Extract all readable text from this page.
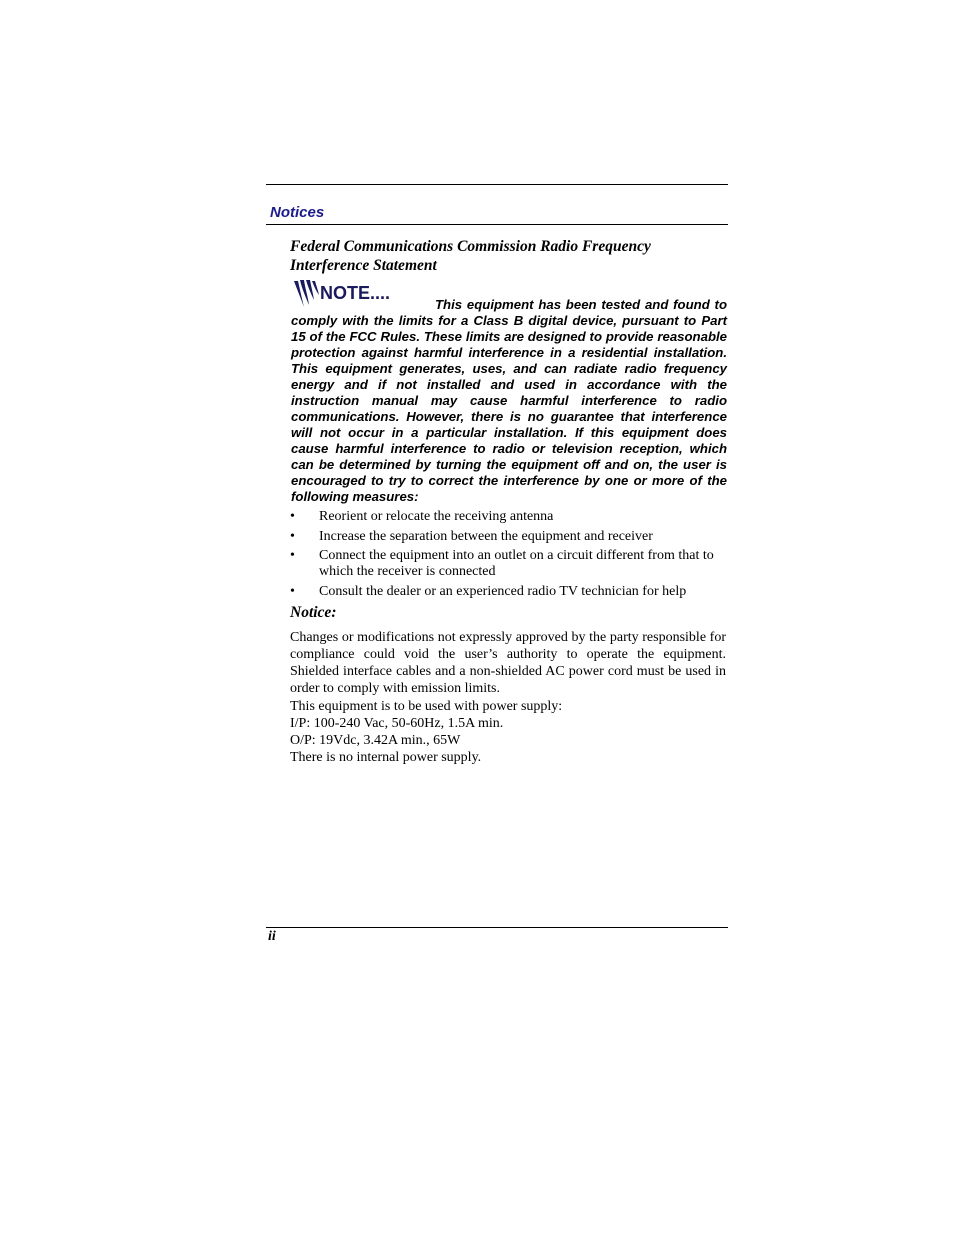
Notices
Federal Communications Commission Radio Frequency Interference Statement
NOTE....

This equipment has been tested and found to comply with the limits for a Class B digital device, pursuant to Part 15 of the FCC Rules. These limits are designed to provide reasonable protection against harmful interference in a residential installation. This equipment generates, uses, and can radiate radio frequency energy and if not installed and used in accordance with the instruction manual may cause harmful interference to radio communications. However, there is no guarantee that interference will not occur in a particular installation. If this equipment does cause harmful interference to radio or television reception, which can be determined by turning the equipment off and on, the user is encouraged to try to correct the interference by one or more of the following measures:

• Reorient or relocate the receiving antenna
• Increase the separation between the equipment and receiver
• Connect the equipment into an outlet on a circuit different from that to which the receiver is connected
• Consult the dealer or an experienced radio TV technician for help
Notice:

Changes or modifications not expressly approved by the party responsible for compliance could void the user’s authority to operate the equipment. Shielded interface cables and a non-shielded AC power cord must be used in order to comply with emission limits.

This equipment is to be used with power supply:
I/P: 100-240 Vac, 50-60Hz, 1.5A min.
O/P: 19Vdc, 3.42A min., 65W
There is no internal power supply.
ii
